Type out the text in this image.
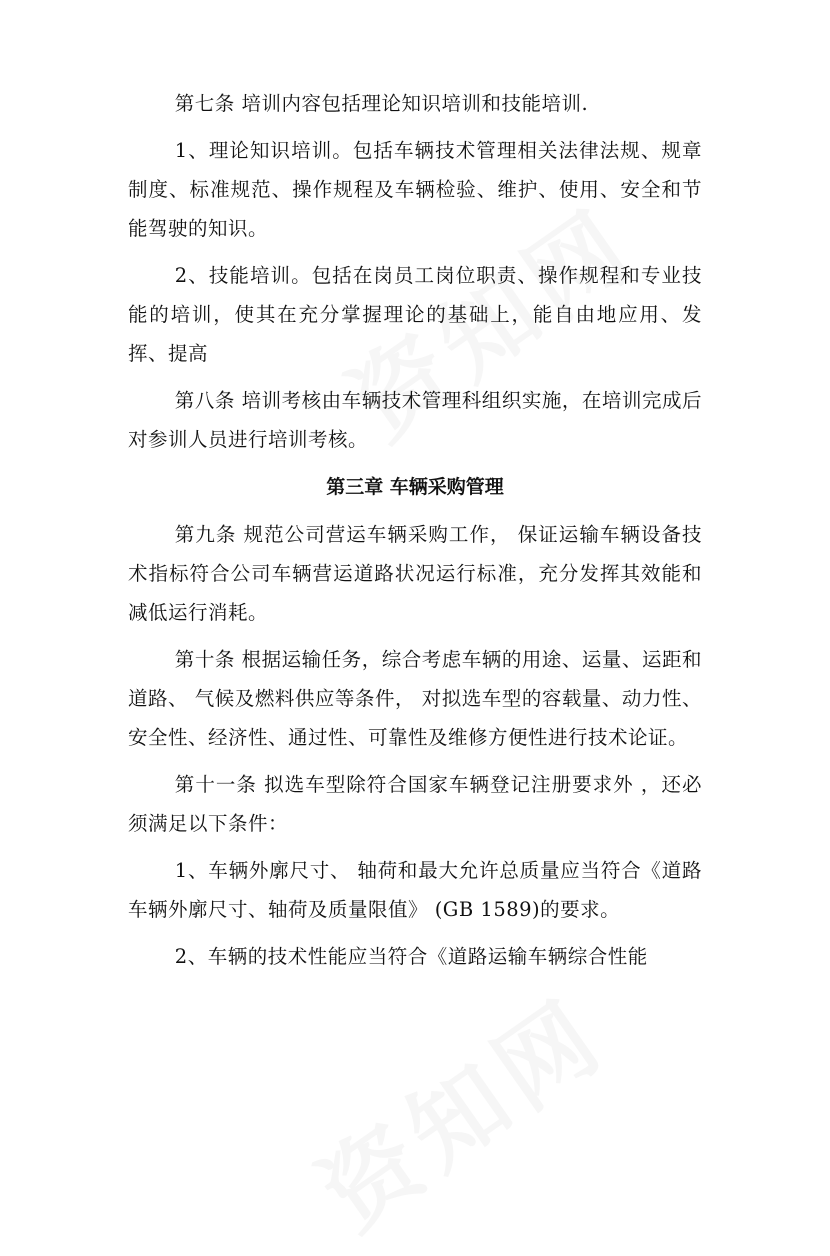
第七条 培训内容包括理论知识培训和技能培训.

1、理论知识培训。包括车辆技术管理相关法律法规、规章制度、标准规范、操作规程及车辆检验、维护、使用、安全和节能驾驶的知识。

2、技能培训。包括在岗员工岗位职责、操作规程和专业技能的培训，使其在充分掌握理论的基础上，能自由地应用、发挥、提高

第八条 培训考核由车辆技术管理科组织实施，在培训完成后对参训人员进行培训考核。

第三章 车辆采购管理

第九条 规范公司营运车辆采购工作， 保证运输车辆设备技术指标符合公司车辆营运道路状况运行标准，充分发挥其效能和减低运行消耗。

第十条 根据运输任务，综合考虑车辆的用途、运量、运距和道路、 气候及燃料供应等条件， 对拟选车型的容载量、动力性、安全性、经济性、通过性、可靠性及维修方便性进行技术论证。

第十一条 拟选车型除符合国家车辆登记注册要求外 ，还必须满足以下条件：

1、车辆外廓尺寸、 轴荷和最大允许总质量应当符合《道路车辆外廓尺寸、轴荷及质量限值》 (GB 1589)的要求。

2、车辆的技术性能应当符合《道路运输车辆综合性能
